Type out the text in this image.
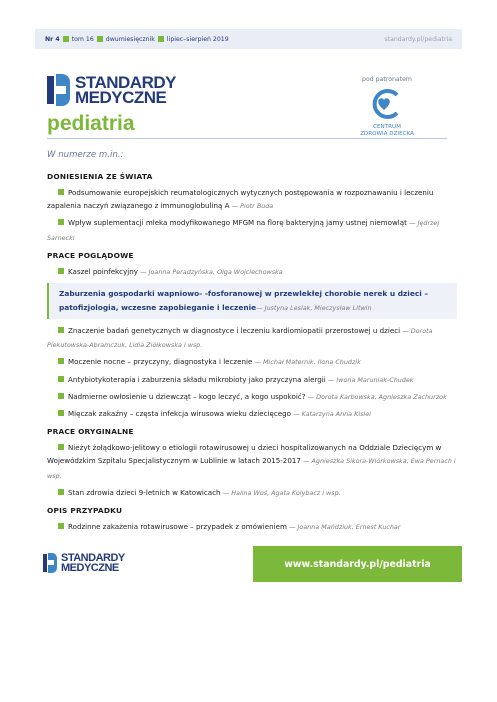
Nr 4 tom 16 dwumiesięcznik lipiec–sierpień 2019	standardy.pl/pediatria
STANDARDY
MEDYCZNE
pediatria
pod patronatem
CENTRUM
ZDROWIA DZIECKA
W numerze m.in.:
DONIESIENIA ZE ŚWIATA
Podsumowanie europejskich reumatologicznych wytycznych postępowania w rozpoznawaniu i leczeniu zapalenia naczyń związanego z immunoglobuliną A — Piotr Buda
Wpływ suplementacji mleka modyfikowanego MFGM na florę bakteryjną jamy ustnej niemowląt — Jędrzej Sarnecki
PRACE POGLĄDOWE
Kaszel poinfekcyjny — Joanna Peradzyńska, Olga Wojciechowska
Zaburzenia gospodarki wapniowo- -fosforanowej w przewlekłej chorobie nerek u dzieci – patofizjologia, wczesne zapobieganie i leczenie— Justyna Leslak, Mieczysław Litwin
Znaczenie badań genetycznych w diagnostyce i leczeniu kardiomiopatii przerostowej u dzieci — Dorota Piekutowska-Abramczuk, Lidia Ziółkowska i wsp.
Moczenie nocne – przyczyny, diagnostyka i leczenie — Michał Maternik, Ilona Chudzik
Antybiotykoterapia i zaburzenia składu mikrobioty jako przyczyna alergii — Iwona Maruniak-Chudek
Nadmierne owłosienie u dziewcząt – kogo leczyć, a kogo uspokoić? — Dorota Karbowska, Agnieszka Zachurzok
Mięczak zakaźny – częsta infekcja wirusowa wieku dziecięcego — Katarzyna Anna Kisiel
PRACE ORYGINALNE
Nieżyt żołądkowo-jelitowy o etiologii rotawirusowej u dzieci hospitalizowanych na Oddziale Dziecięcym w Wojewódzkim Szpitalu Specjalistycznym w Lublinie w latach 2015-2017 — Agnieszka Sikora-Wiórkowska, Ewa Pernach i wsp.
Stan zdrowia dzieci 9-letnich w Katowicach — Halina Woś, Agata Kolybacz i wsp.
OPIS PRZYPADKU
Rodzinne zakażenia rotawirusowe – przypadek z omówieniem — Joanna Mańdziuk, Ernest Kuchar
STANDARDY
MEDYCZNE	www.standardy.pl/pediatria
